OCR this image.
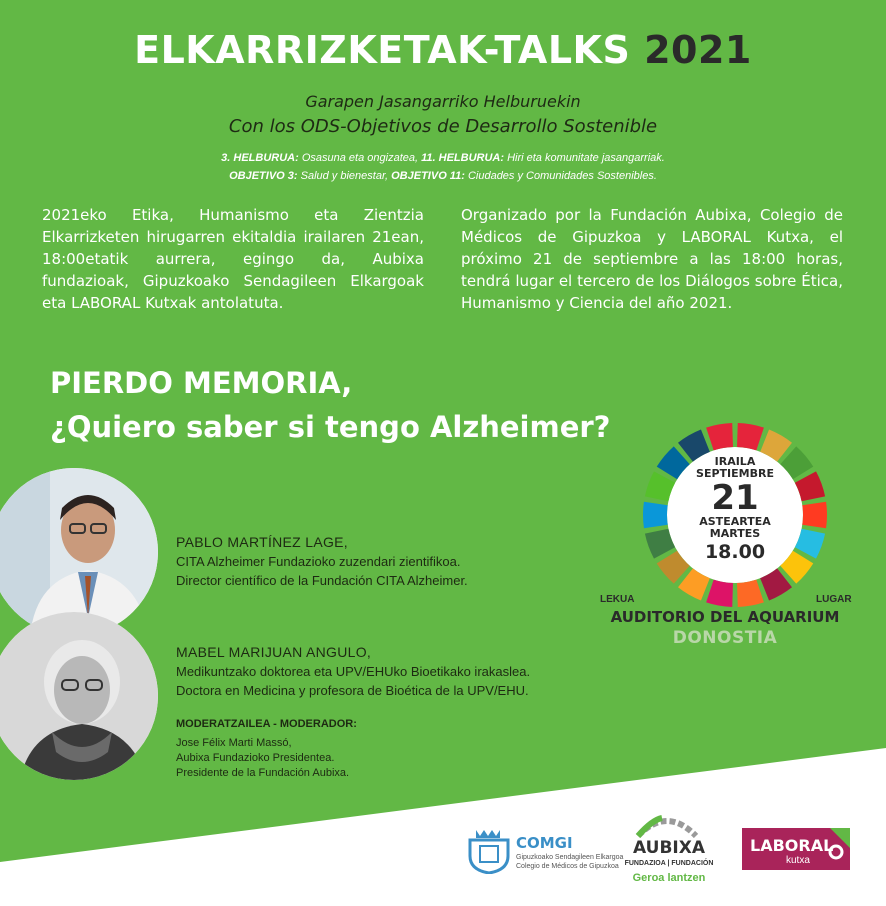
ELKARRIZKETAK-TALKS 2021
Garapen Jasangarriko Helburuekin
Con los ODS-Objetivos de Desarrollo Sostenible
3. HELBURUA: Osasuna eta ongizatea, 11. HELBURUA: Hiri eta komunitate jasangarriak.
OBJETIVO 3: Salud y bienestar, OBJETIVO 11: Ciudades y Comunidades Sostenibles.
2021eko Etika, Humanismo eta Zientzia Elkarrizketen hirugarren ekitaldia irailaren 21ean, 18:00etatik aurrera, egingo da, Aubixa fundazioak, Gipuzkoako Sendagileen Elkargoak eta LABORAL Kutxak antolatuta.
Organizado por la Fundación Aubixa, Colegio de Médicos de Gipuzkoa y LABORAL Kutxa, el próximo 21 de septiembre a las 18:00 horas, tendrá lugar el tercero de los Diálogos sobre Ética, Humanismo y Ciencia del año 2021.
PIERDO MEMORIA,
¿Quiero saber si tengo Alzheimer?
PABLO MARTÍNEZ LAGE,
CITA Alzheimer Fundazioko zuzendari zientifikoa.
Director científico de la Fundación CITA Alzheimer.
MABEL MARIJUAN ANGULO,
Medikuntzako doktorea eta UPV/EHUko Bioetikako irakaslea.
Doctora en Medicina y profesora de Bioética de la UPV/EHU.
MODERATZAILEA - MODERADOR:
Jose Félix Marti Massó,
Aubixa Fundazioko Presidentea.
Presidente de la Fundación Aubixa.
IRAILA
SEPTIEMBRE
21
ASTEARTEA
MARTES
18.00
LEKUA	LUGAR
AUDITORIO DEL AQUARIUM
DONOSTIA
COMGI
Gipuzkoako Sendagileen Elkargoa
Colegio de Médicos de Gipuzkoa
AUBIXA
FUNDAZIOA | FUNDACIÓN
Geroa lantzen
LABORAL
kutxa
